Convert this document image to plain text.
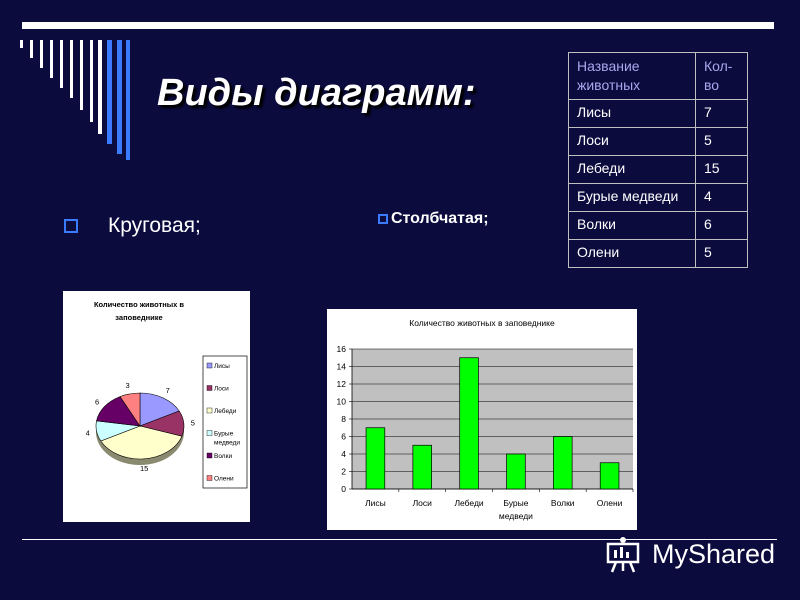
Виды диаграмм:
Круговая;	Столбчатая;
Название животных	Кол-во
Лисы	7
Лоси	5
Лебеди	15
Бурые медведи	4
Волки	6
Олени	5
Количество животных в
заповеднике
7
5
15
4
6
3
Лисы
Лоси
Лебеди
Бурые медведи
Волки
Олени
Количество животных в заповеднике
0
2
4
6
8
10
12
14
16
Лисы	Лоси	Лебеди	Бурые медведи
Волки	Олени
MyShared
